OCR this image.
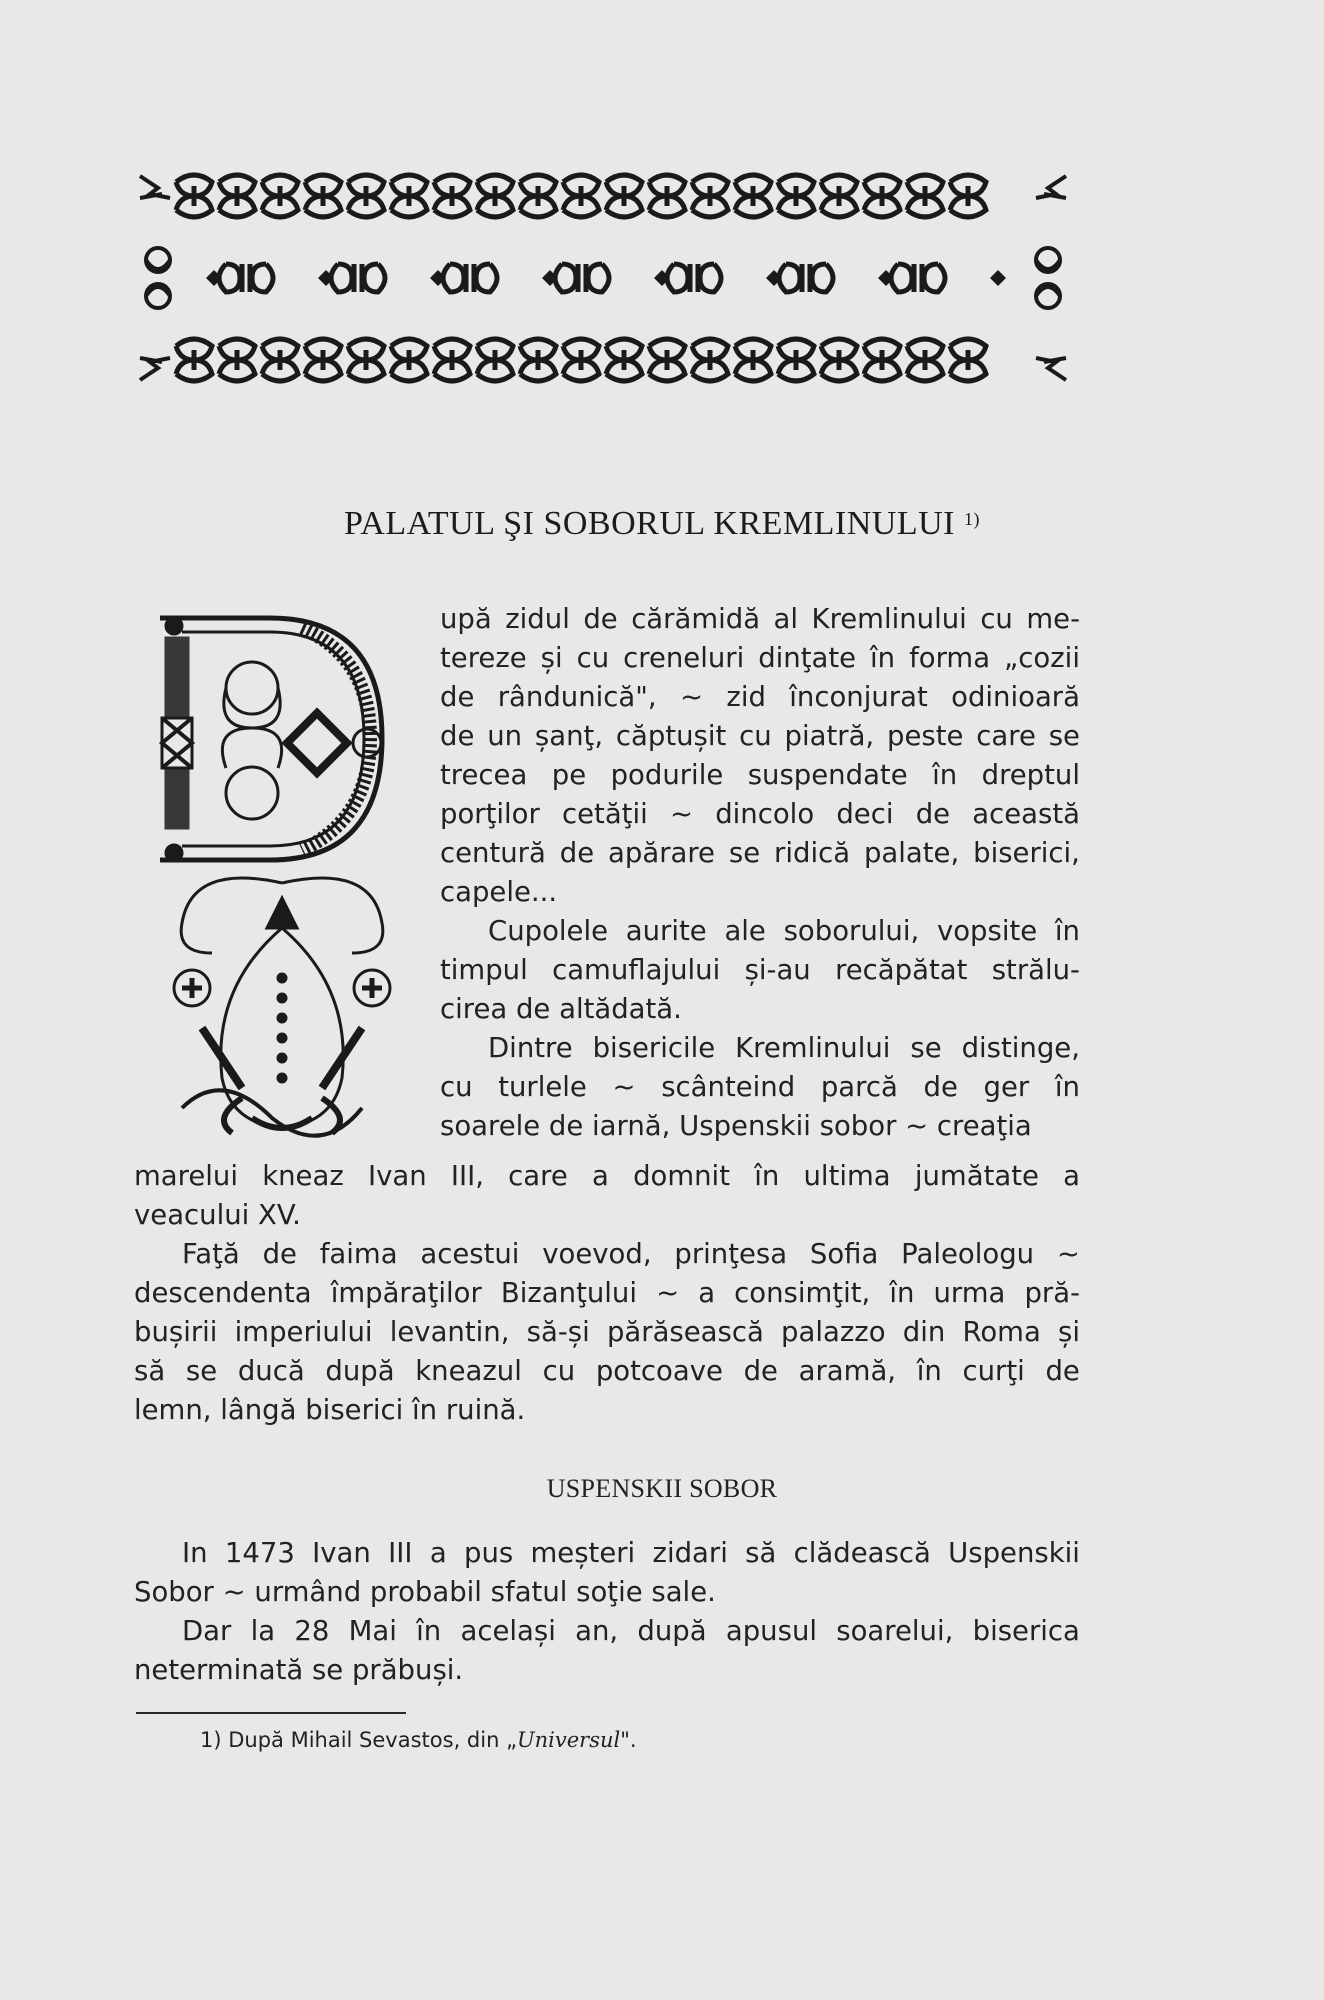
PALATUL ŞI SOBORUL KREMLINULUI $^{1)}$
upă zidul de cărămidă al Kremlinului cu me-
tereze și cu creneluri dinţate în forma „cozii
de rândunică", ~ zid înconjurat odinioară
de un șanţ, căptușit cu piatră, peste care se
trecea pe podurile suspendate în dreptul
porţilor cetăţii ~ dincolo deci de această
centură de apărare se ridică palate, biserici,
capele...
Cupolele aurite ale soborului, vopsite în
timpul camuflajului și-au recăpătat strălu-
cirea de altădată.
Dintre bisericile Kremlinului se distinge,
cu turlele ~ scânteind parcă de ger în
soarele de iarnă, Uspenskii sobor ~ creaţia
marelui kneaz Ivan III, care a domnit în ultima jumătate a
veacului XV.
Faţă de faima acestui voevod, prinţesa Sofia Paleologu ~
descendenta împăraţilor Bizanţului ~ a consimţit, în urma pră-
bușirii imperiului levantin, să-și părăsească palazzo din Roma și
să se ducă după kneazul cu potcoave de aramă, în curţi de
lemn, lângă biserici în ruină.
USPENSKII SOBOR
In 1473 Ivan III a pus meșteri zidari să clădească Uspenskii
Sobor ~ urmând probabil sfatul soţie sale.
Dar la 28 Mai în același an, după apusul soarelui, biserica
neterminată se prăbuși.
1) După Mihail Sevastos, din „Universul".
